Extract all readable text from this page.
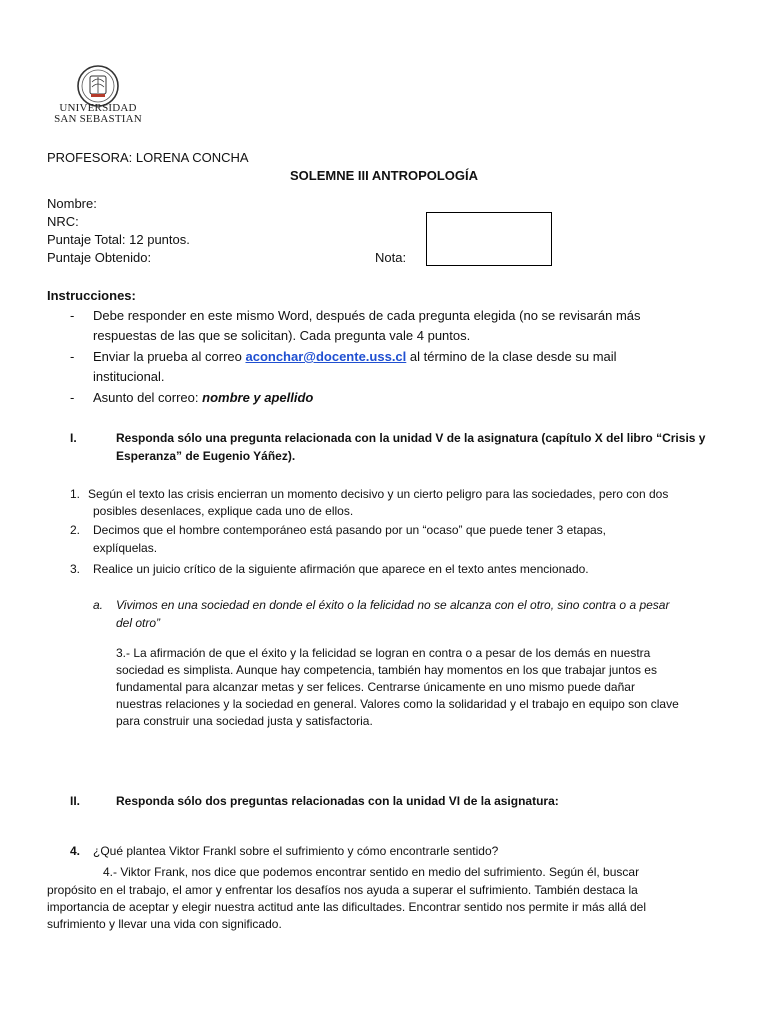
UNIVERSIDAD
SAN SEBASTIAN
PROFESORA: LORENA CONCHA
SOLEMNE III ANTROPOLOGÍA
Nombre:
NRC:
Puntaje Total: 12 puntos.
Puntaje Obtenido:	Nota:
Instrucciones:
- Debe responder en este mismo Word, después de cada pregunta elegida (no se revisarán más
respuestas de las que se solicitan). Cada pregunta vale 4 puntos.
- Enviar la prueba al correo aconchar@docente.uss.cl al término de la clase desde su mail
institucional.
- Asunto del correo: nombre y apellido
I.	Responda sólo una pregunta relacionada con la unidad V de la asignatura (capítulo X del libro “Crisis y
Esperanza” de Eugenio Yáñez).
1. Según el texto las crisis encierran un momento decisivo y un cierto peligro para las sociedades, pero con dos
posibles desenlaces, explique cada uno de ellos.
2. Decimos que el hombre contemporáneo está pasando por un “ocaso” que puede tener 3 etapas,
explíquelas.
3. Realice un juicio crítico de la siguiente afirmación que aparece en el texto antes mencionado.
a. Vivimos en una sociedad en donde el éxito o la felicidad no se alcanza con el otro, sino contra o a pesar
del otro”
3.- La afirmación de que el éxito y la felicidad se logran en contra o a pesar de los demás en nuestra
sociedad es simplista. Aunque hay competencia, también hay momentos en los que trabajar juntos es
fundamental para alcanzar metas y ser felices. Centrarse únicamente en uno mismo puede dañar
nuestras relaciones y la sociedad en general. Valores como la solidaridad y el trabajo en equipo son clave
para construir una sociedad justa y satisfactoria.
II.	Responda sólo dos preguntas relacionadas con la unidad VI de la asignatura:
4. ¿Qué plantea Viktor Frankl sobre el sufrimiento y cómo encontrarle sentido?
4.- Viktor Frank, nos dice que podemos encontrar sentido en medio del sufrimiento. Según él, buscar
propósito en el trabajo, el amor y enfrentar los desafíos nos ayuda a superar el sufrimiento. También destaca la
importancia de aceptar y elegir nuestra actitud ante las dificultades. Encontrar sentido nos permite ir más allá del
sufrimiento y llevar una vida con significado.
